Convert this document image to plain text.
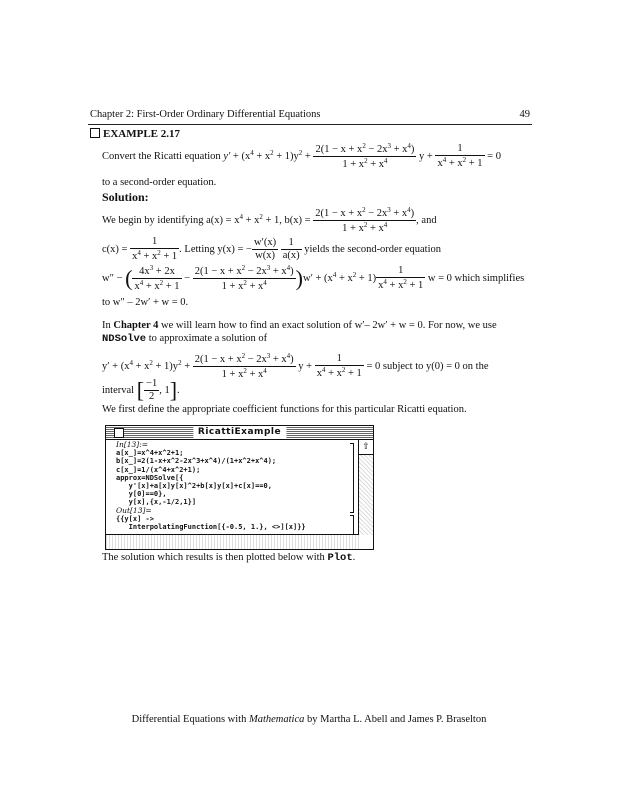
Chapter 2: First-Order Ordinary Differential Equations	49
EXAMPLE 2.17
Convert the Ricatti equation $y' + (x^4 + x^2 + 1)y^2 + \frac{2(1 - x + x^2 - 2x^3 + x^4)}{1 + x^2 + x^4}$ $y + \frac{1}{x^4 + x^2 + 1} = 0$
to a second-order equation.
Solution:
We begin by identifying $a(x) = x^4 + x^2 + 1$, $b(x) = \frac{2(1 - x + x^2 - 2x^3 + x^4)}{1 + x^2 + x^4}$ , and
$c(x) = \frac{1}{x^4 + x^2 + 1}$ . Letting y(x) = − $\frac{w'(x)}{w(x)}$
$\frac{1}{a(x)}$ yields the second-order equation
w″ − ( $\frac{4x^3 + 2x}{x^4 + x^2 + 1} - \frac{2(1 - x + x^2 - 2x^3 + x^4)}{1 + x^2 + x^4} )w' + (x^4 + x^2 + 1) \frac{1}{x^4 + x^2 + 1}$ w = 0 which simplifies
to w″ – 2w′ + w = 0.
In Chapter 4 we will learn how to find an exact solution of w′– 2w′ + w = 0. For now, we use
NDSolve to approximate a solution of
$y' + (x^4 + x^2 + 1)y^2 + \frac{2(1 - x + x^2 - 2x^3 + x^4)}{1 + x^2 + x^4}$ $y + \frac{1}{x^4 + x^2 + 1} = 0$ subject to y(0) = 0 on the
interval [ $\frac{-1}{2}$ , 1].
We first define the appropriate coefficient functions for this particular Ricatti equation.
RicattiExample
In[13]:=
a[x_]=x^4+x^2+1;
b[x_]=2(1-x+x^2-2x^3+x^4)/(1+x^2+x^4);
c[x_]=1/(x^4+x^2+1);
approx=NDSolve[{
y'[x]+a[x]y[x]^2+b[x]y[x]+c[x]==0,
y[0]==0},
y[x],{x,-1/2,1}]
Out[13]=
{{y[x] ->
InterpolatingFunction[{-0.5, 1.}, <>][x]}}
⇧
The solution which results is then plotted below with Plot.
Differential Equations with Mathematica by Martha L. Abell and James P. Braselton
